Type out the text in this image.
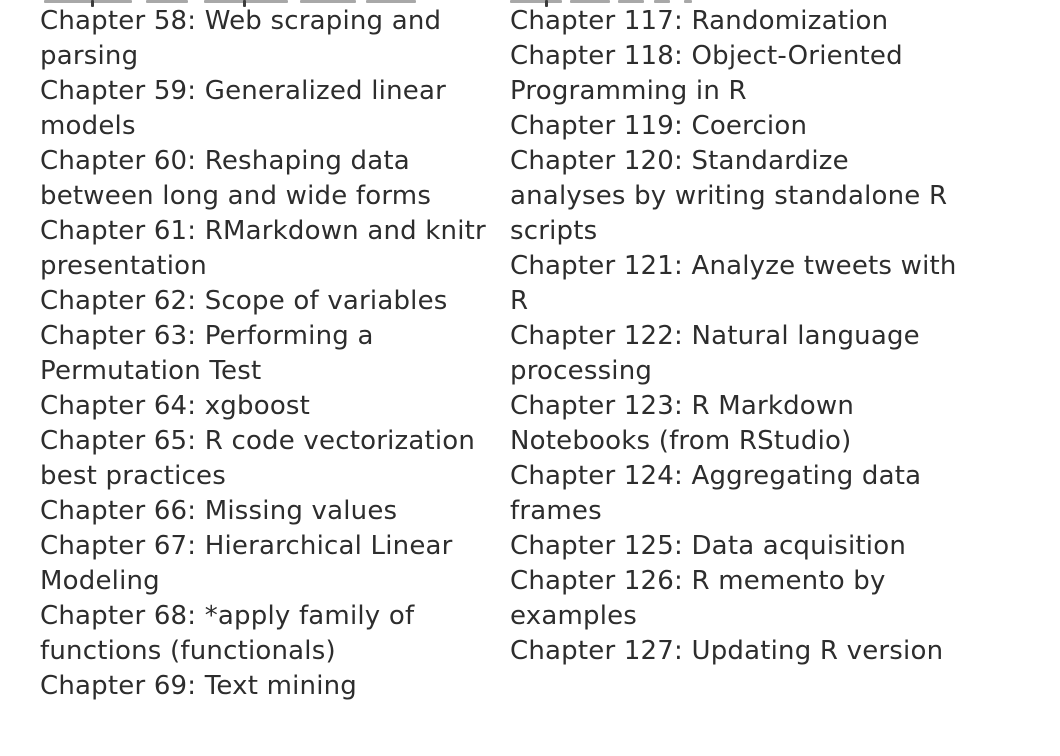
Chapter 58: Web scraping and
parsing
Chapter 59: Generalized linear
models
Chapter 60: Reshaping data
between long and wide forms
Chapter 61: RMarkdown and knitr
presentation
Chapter 62: Scope of variables
Chapter 63: Performing a
Permutation Test
Chapter 64: xgboost
Chapter 65: R code vectorization
best practices
Chapter 66: Missing values
Chapter 67: Hierarchical Linear
Modeling
Chapter 68: *apply family of
functions (functionals)
Chapter 69: Text mining
Chapter 117: Randomization
Chapter 118: Object-Oriented
Programming in R
Chapter 119: Coercion
Chapter 120: Standardize
analyses by writing standalone R
scripts
Chapter 121: Analyze tweets with
R
Chapter 122: Natural language
processing
Chapter 123: R Markdown
Notebooks (from RStudio)
Chapter 124: Aggregating data
frames
Chapter 125: Data acquisition
Chapter 126: R memento by
examples
Chapter 127: Updating R version
